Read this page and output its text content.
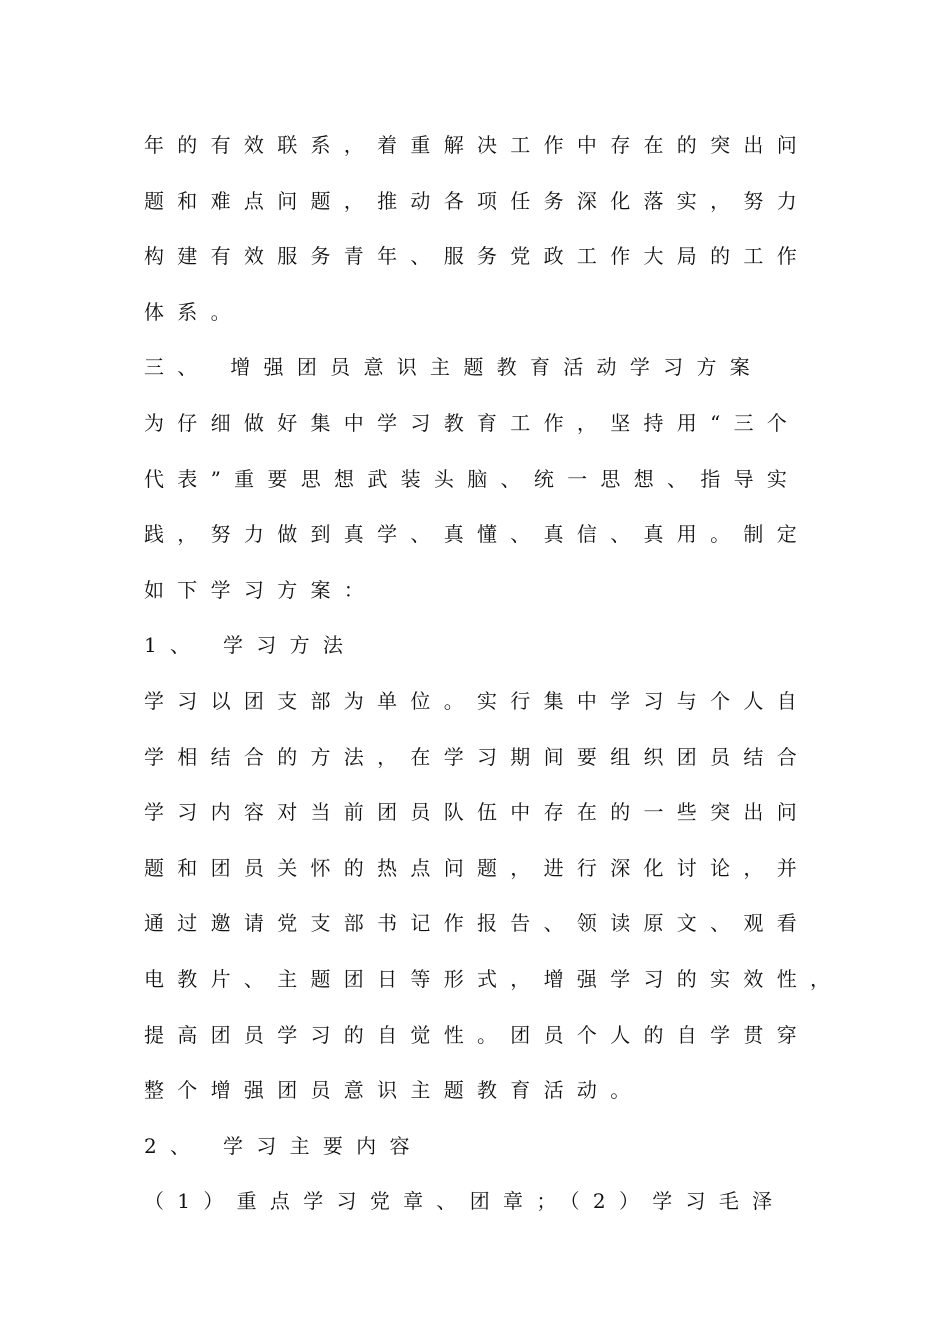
年的有效联系，着重解决工作中存在的突出问
题和难点问题，推动各项任务深化落实，努力
构建有效服务青年、服务党政工作大局的工作
体系。
三、 增强团员意识主题教育活动学习方案
为仔细做好集中学习教育工作，坚持用“三个
代表”重要思想武装头脑、统一思想、指导实
践，努力做到真学、真懂、真信、真用。制定
如下学习方案：
1、 学习方法
学习以团支部为单位。实行集中学习与个人自
学相结合的方法，在学习期间要组织团员结合
学习内容对当前团员队伍中存在的一些突出问
题和团员关怀的热点问题，进行深化讨论，并
通过邀请党支部书记作报告、领读原文、观看
电教片、主题团日等形式，增强学习的实效性，
提高团员学习的自觉性。团员个人的自学贯穿
整个增强团员意识主题教育活动。
2、 学习主要内容
（1）重点学习党章、团章；（2）学习毛泽
